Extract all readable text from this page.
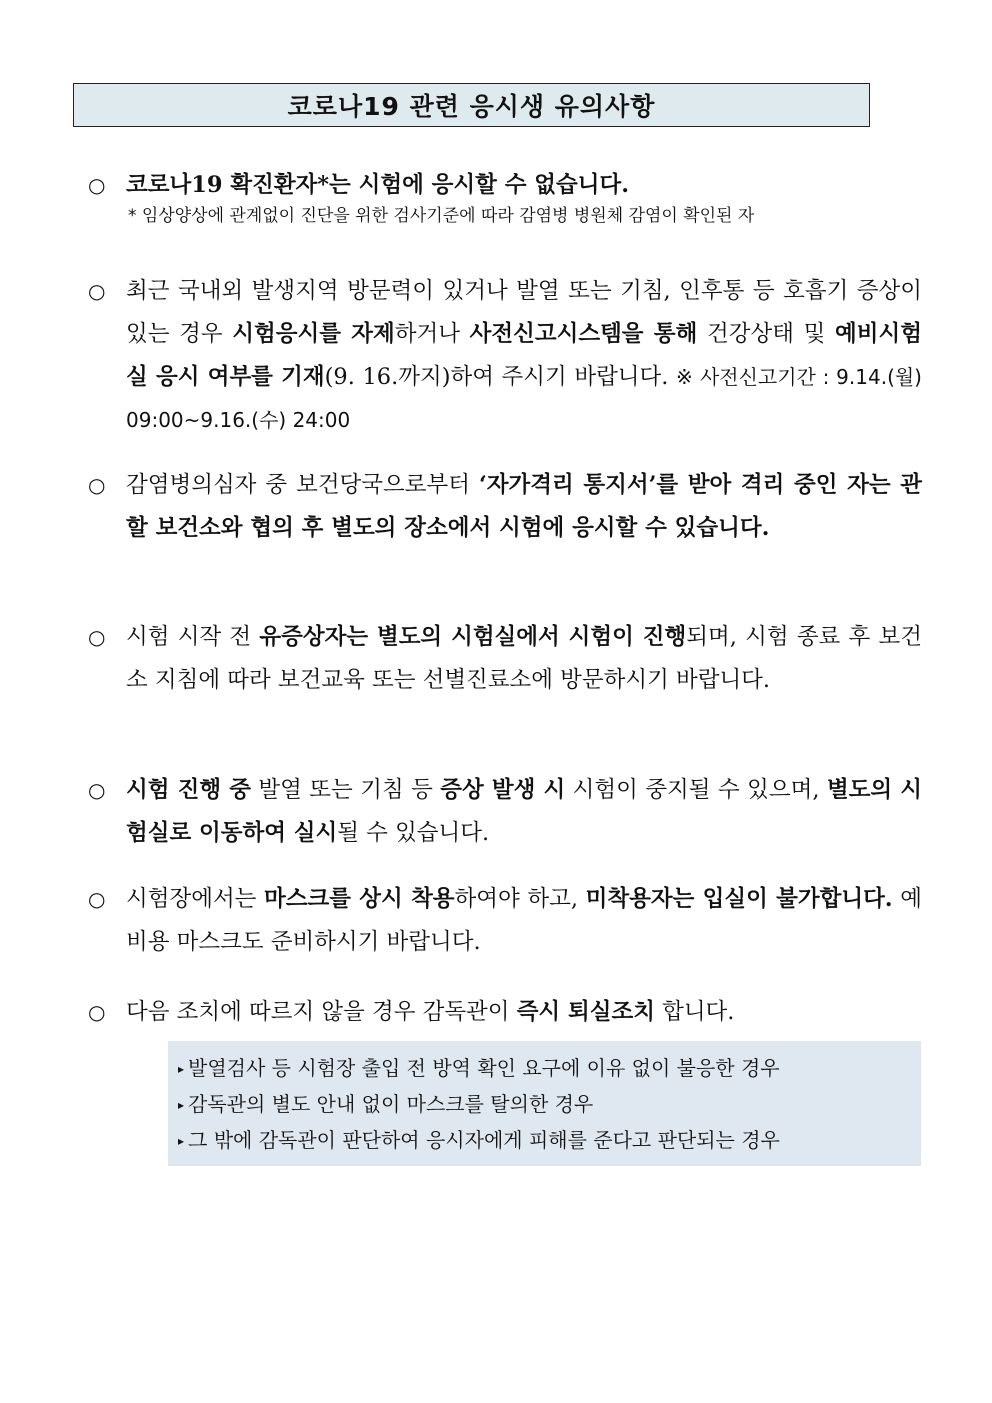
코로나19 관련 응시생 유의사항
○ 코로나19 확진환자*는 시험에 응시할 수 없습니다.
* 임상양상에 관계없이 진단을 위한 검사기준에 따라 감염병 병원체 감염이 확인된 자
○ 최근 국내외 발생지역 방문력이 있거나 발열 또는 기침, 인후통 등 호흡기 증상이 있는 경우 시험응시를 자제하거나 사전신고시스템을 통해 건강상태 및 예비시험실 응시 여부를 기재(9. 16.까지)하여 주시기 바랍니다. ※ 사전신고기간 : 9.14.(월) 09:00~9.16.(수) 24:00
○ 감염병의심자 중 보건당국으로부터 ‘자가격리 통지서’를 받아 격리 중인 자는 관할 보건소와 협의 후 별도의 장소에서 시험에 응시할 수 있습니다.
○ 시험 시작 전 유증상자는 별도의 시험실에서 시험이 진행되며, 시험 종료 후 보건소 지침에 따라 보건교육 또는 선별진료소에 방문하시기 바랍니다.
○ 시험 진행 중 발열 또는 기침 등 증상 발생 시 시험이 중지될 수 있으며, 별도의 시험실로 이동하여 실시될 수 있습니다.
○ 시험장에서는 마스크를 상시 착용하여야 하고, 미착용자는 입실이 불가합니다. 예비용 마스크도 준비하시기 바랍니다.
○ 다음 조치에 따르지 않을 경우 감독관이 즉시 퇴실조치 합니다.
▸ 발열검사 등 시험장 출입 전 방역 확인 요구에 이유 없이 불응한 경우
▸ 감독관의 별도 안내 없이 마스크를 탈의한 경우
▸ 그 밖에 감독관이 판단하여 응시자에게 피해를 준다고 판단되는 경우
